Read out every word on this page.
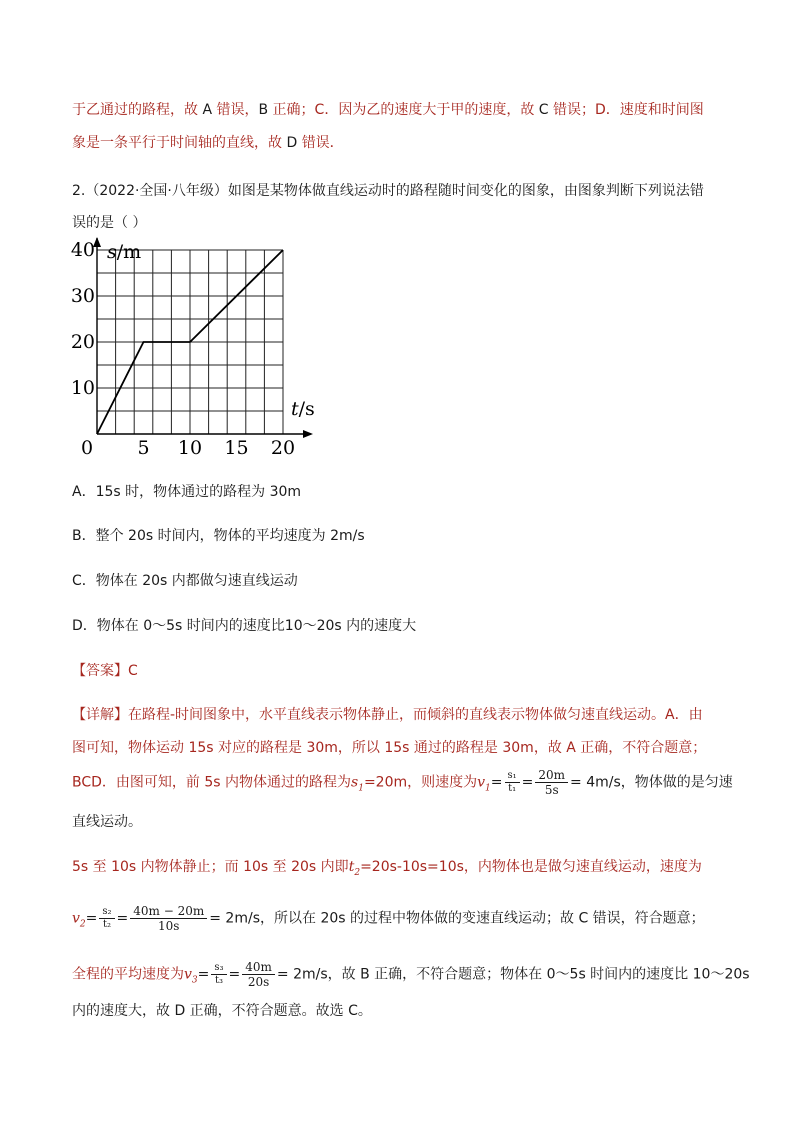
于乙通过的路程，故 A 错误，B 正确；C．因为乙的速度大于甲的速度，故 C 错误；D．速度和时间图
象是一条平行于时间轴的直线，故 D 错误．
2.（2022·全国·八年级）如图是某物体做直线运动时的路程随时间变化的图象，由图象判断下列说法错
误的是（ ）
0 5 10 15 20
10
20
30
40 s/m
t/s
A．15s 时，物体通过的路程为 30m
B．整个 20s 时间内，物体的平均速度为 2m/s
C．物体在 20s 内都做匀速直线运动
D．物体在 0～5s 时间内的速度比10～20s 内的速度大
【答案】C
【详解】在路程-时间图象中，水平直线表示物体静止，而倾斜的直线表示物体做匀速直线运动。A．由
图可知，物体运动 15s 对应的路程是 30m，所以 15s 通过的路程是 30m，故 A 正确，不符合题意；
BCD．由图可知，前 5s 内物体通过的路程为$s_1=20m$，则速度为$v_1= \frac{\text{s₁}}{\text{t₁}} = \frac{20m}{5s} = 4m/s$，物体做的是匀速
直线运动。
5s 至 10s 内物体静止；而 10s 至 20s 内即$t_2=20s-10s=10s$，内物体也是做匀速直线运动，速度为
$v_2= \frac{\text{s₂}}{\text{t₂}} = \frac{40m - 20m}{10s} = 2m/s$，所以在 20s 的过程中物体做的变速直线运动；故 C 错误，符合题意；
全程的平均速度为$v_3= \frac{\text{s₃}}{\text{t₃}} = \frac{40m}{20s} = 2m/s$，故 B 正确，不符合题意；物体在 0～5s 时间内的速度比 10～20s
内的速度大，故 D 正确，不符合题意。故选 C。
